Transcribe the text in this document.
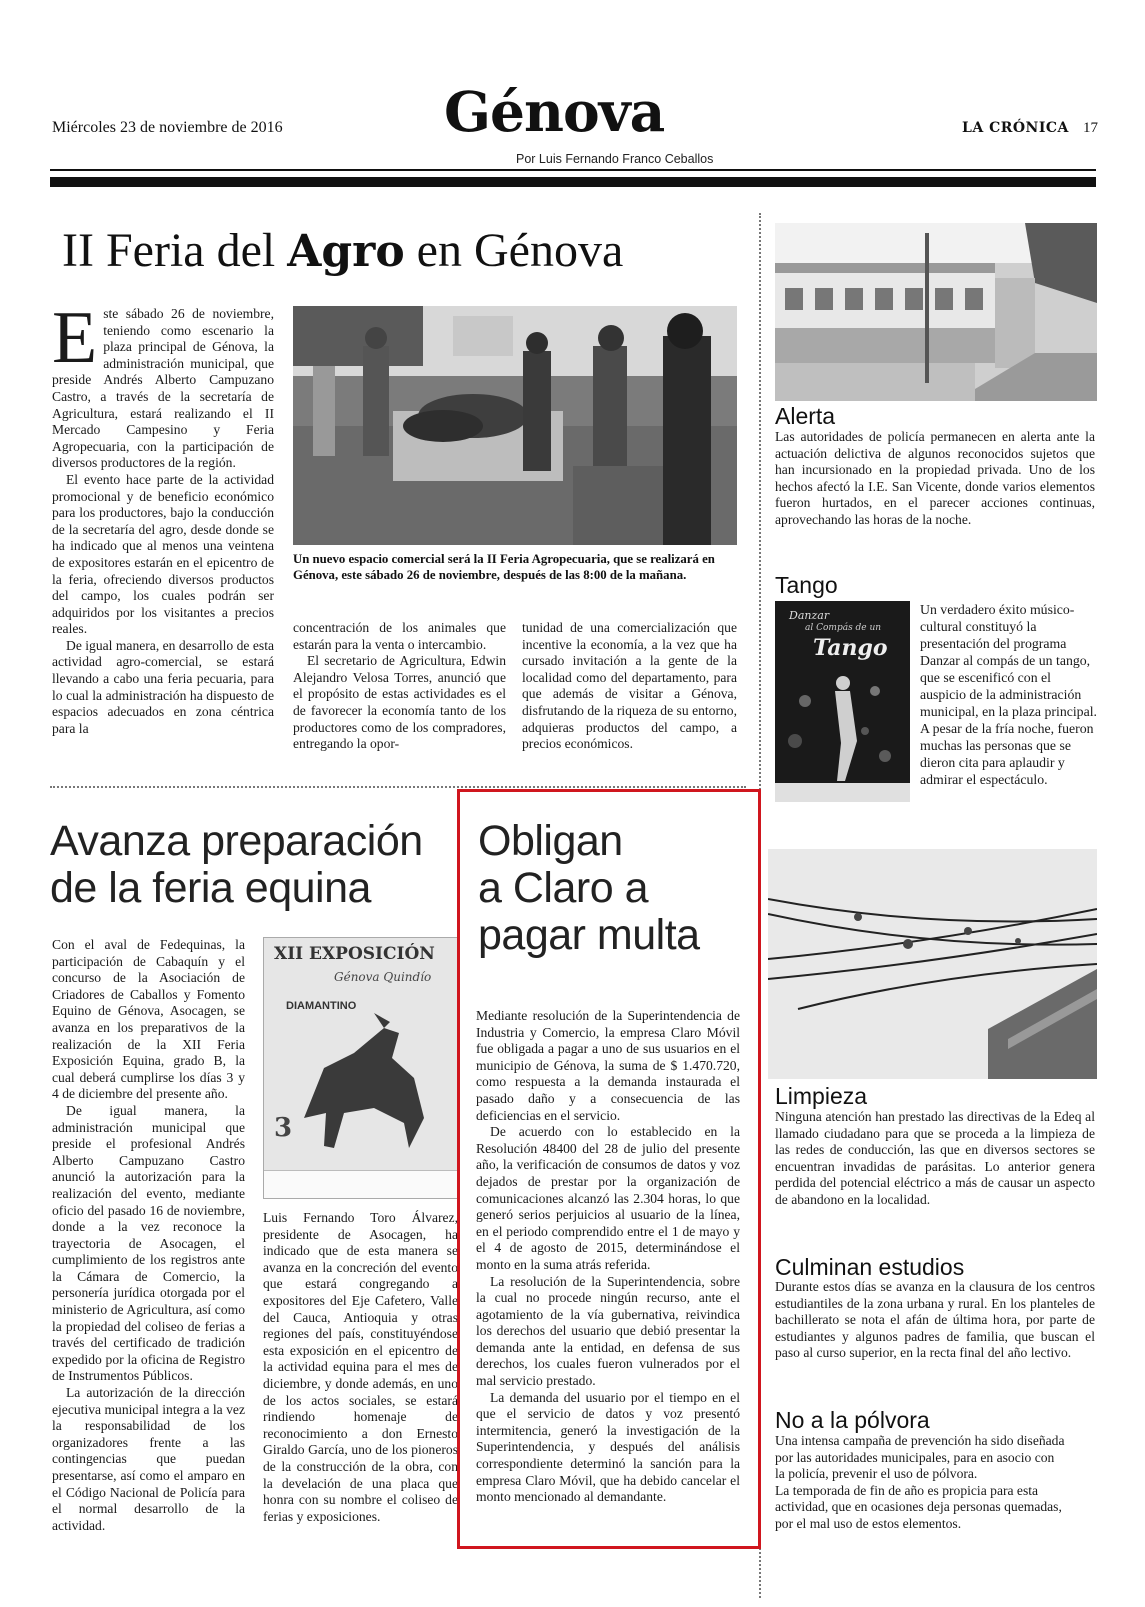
Miércoles 23 de noviembre de 2016	Génova
Por Luis Fernando Franco Ceballos
LA CRÓNICA 17
II Feria del Agro en Génova

Este sábado 26 de noviembre, teniendo como escenario la plaza principal de Génova, la administración municipal, que preside Andrés Alberto Campuzano Castro, a través de la secretaría de Agricultura, estará realizando el II Mercado Campesino y Feria Agropecuaria, con la participación de diversos productores de la región.

El evento hace parte de la actividad promocional y de beneficio económico para los productores, bajo la conducción de la secretaría del agro, desde donde se ha indicado que al menos una veintena de expositores estarán en el epicentro de la feria, ofreciendo diversos productos del campo, los cuales podrán ser adquiridos por los visitantes a precios reales.

De igual manera, en desarrollo de esta actividad agro-comercial, se estará llevando a cabo una feria pecuaria, para lo cual la administración ha dispuesto de espacios adecuados en zona céntrica para la

Un nuevo espacio comercial será la II Feria Agropecuaria, que se realizará en Génova, este sábado 26 de noviembre, después de las 8:00 de la mañana.

concentración de los animales que estarán para la venta o intercambio.

El secretario de Agricultura, Edwin Alejandro Velosa Torres, anunció que el propósito de estas actividades es el de favorecer la economía tanto de los productores como de los compradores, entregando la opor-

tunidad de una comercialización que incentive la economía, a la vez que ha cursado invitación a la gente de la localidad como del departamento, para que además de visitar a Génova, disfrutando de la riqueza de su entorno, adquieras productos del campo, a precios económicos.

Avanza preparación
de la feria equina

Con el aval de Fedequinas, la participación de Cabaquín y el concurso de la Asociación de Criadores de Caballos y Fomento Equino de Génova, Asocagen, se avanza en los preparativos de la realización de la XII Feria Exposición Equina, grado B, la cual deberá cumplirse los días 3 y 4 de diciembre del presente año.

De igual manera, la administración municipal que preside el profesional Andrés Alberto Campuzano Castro anunció la autorización para la realización del evento, mediante oficio del pasado 16 de noviembre, donde a la vez reconoce la trayectoria de Asocagen, el cumplimiento de los registros ante la Cámara de Comercio, la personería jurídica otorgada por el ministerio de Agricultura, así como la propiedad del coliseo de ferias a través del certificado de tradición expedido por la oficina de Registro de Instrumentos Públicos.

La autorización de la dirección ejecutiva municipal integra a la vez la responsabilidad de los organizadores frente a las contingencias que puedan presentarse, así como el amparo en el Código Nacional de Policía para el normal desarrollo de la actividad.

XII EXPOSICIÓN
Génova Quindío
DIAMANTINO
3

Luis Fernando Toro Álvarez, presidente de Asocagen, ha indicado que de esta manera se avanza en la concreción del evento que estará congregando a expositores del Eje Cafetero, Valle del Cauca, Antioquia y otras regiones del país, constituyéndose esta exposición en el epicentro de la actividad equina para el mes de diciembre, y donde además, en uno de los actos sociales, se estará rindiendo homenaje de reconocimiento a don Ernesto Giraldo García, uno de los pioneros de la construcción de la obra, con la develación de una placa que honra con su nombre el coliseo de ferias y exposiciones.

Obligan
a Claro a
pagar multa

Mediante resolución de la Superintendencia de Industria y Comercio, la empresa Claro Móvil fue obligada a pagar a uno de sus usuarios en el municipio de Génova, la suma de $ 1.470.720, como respuesta a la demanda instaurada el pasado daño y a consecuencia de las deficiencias en el servicio.

De acuerdo con lo establecido en la Resolución 48400 del 28 de julio del presente año, la verificación de consumos de datos y voz dejados de prestar por la organización de comunicaciones alcanzó las 2.304 horas, lo que generó serios perjuicios al usuario de la línea, en el periodo comprendido entre el 1 de mayo y el 4 de agosto de 2015, determinándose el monto en la suma atrás referida.

La resolución de la Superintendencia, sobre la cual no procede ningún recurso, ante el agotamiento de la vía gubernativa, reivindica los derechos del usuario que debió presentar la demanda ante la entidad, en defensa de sus derechos, los cuales fueron vulnerados por el mal servicio prestado.

La demanda del usuario por el tiempo en el que el servicio de datos y voz presentó intermitencia, generó la investigación de la Superintendencia, y después del análisis correspondiente determinó la sanción para la empresa Claro Móvil, que ha debido cancelar el monto mencionado al demandante.

Alerta

Las autoridades de policía permanecen en alerta ante la actuación delictiva de algunos reconocidos sujetos que han incursionado en la propiedad privada. Uno de los hechos afectó la I.E. San Vicente, donde varios elementos fueron hurtados, en el parecer acciones continuas, aprovechando las horas de la noche.

Tango
Danzar
al Compás de un
Tango

Un verdadero éxito músico-cultural constituyó la presentación del programa Danzar al compás de un tango, que se escenificó con el auspicio de la administración municipal, en la plaza principal. A pesar de la fría noche, fueron muchas las personas que se dieron cita para aplaudir y admirar el espectáculo.

Limpieza

Ninguna atención han prestado las directivas de la Edeq al llamado ciudadano para que se proceda a la limpieza de las redes de conducción, las que en diversos sectores se encuentran invadidas de parásitas. Lo anterior genera perdida del potencial eléctrico a más de causar un aspecto de abandono en la localidad.

Culminan estudios

Durante estos días se avanza en la clausura de los centros estudiantiles de la zona urbana y rural. En los planteles de bachillerato se nota el afán de última hora, por parte de estudiantes y algunos padres de familia, que buscan el paso al curso superior, en la recta final del año lectivo.

No a la pólvora

Una intensa campaña de prevención ha sido diseñada por las autoridades municipales, para en asocio con la policía, prevenir el uso de pólvora.

La temporada de fin de año es propicia para esta actividad, que en ocasiones deja personas quemadas, por el mal uso de estos elementos.
